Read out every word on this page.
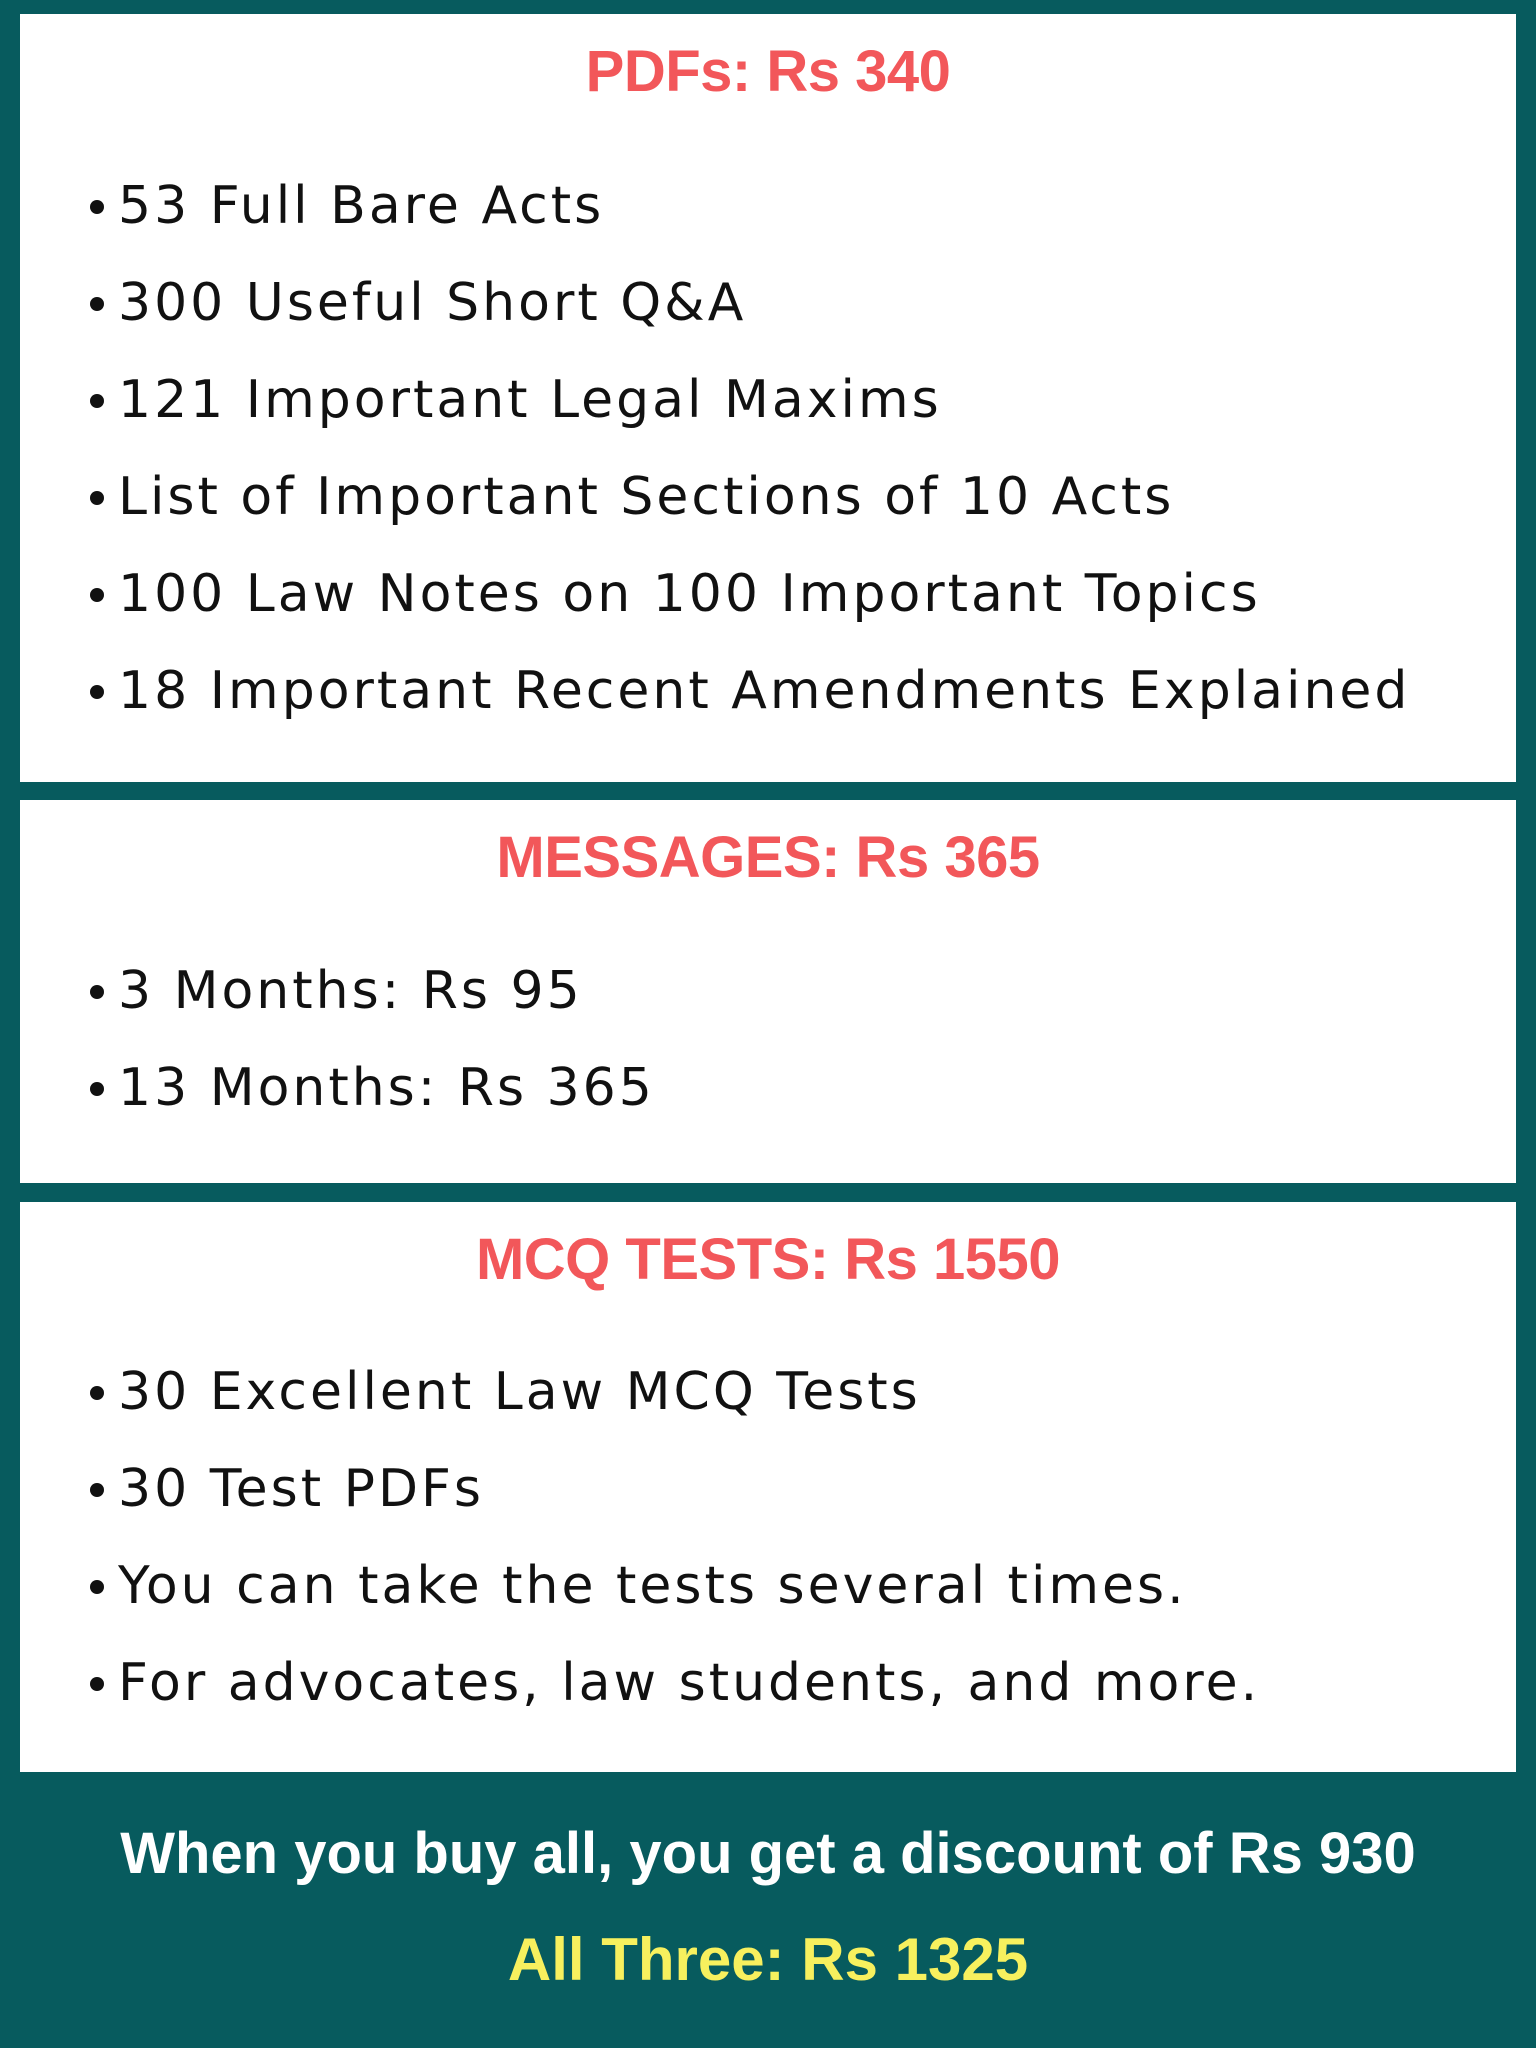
PDFs: Rs 340
53 Full Bare Acts
300 Useful Short Q&A
121 Important Legal Maxims
List of Important Sections of 10 Acts
100 Law Notes on 100 Important Topics
18 Important Recent Amendments Explained
MESSAGES: Rs 365
3 Months: Rs 95
13 Months: Rs 365
MCQ TESTS: Rs 1550
30 Excellent Law MCQ Tests
30 Test PDFs
You can take the tests several times.
For advocates, law students, and more.
When you buy all, you get a discount of Rs 930
All Three: Rs 1325
